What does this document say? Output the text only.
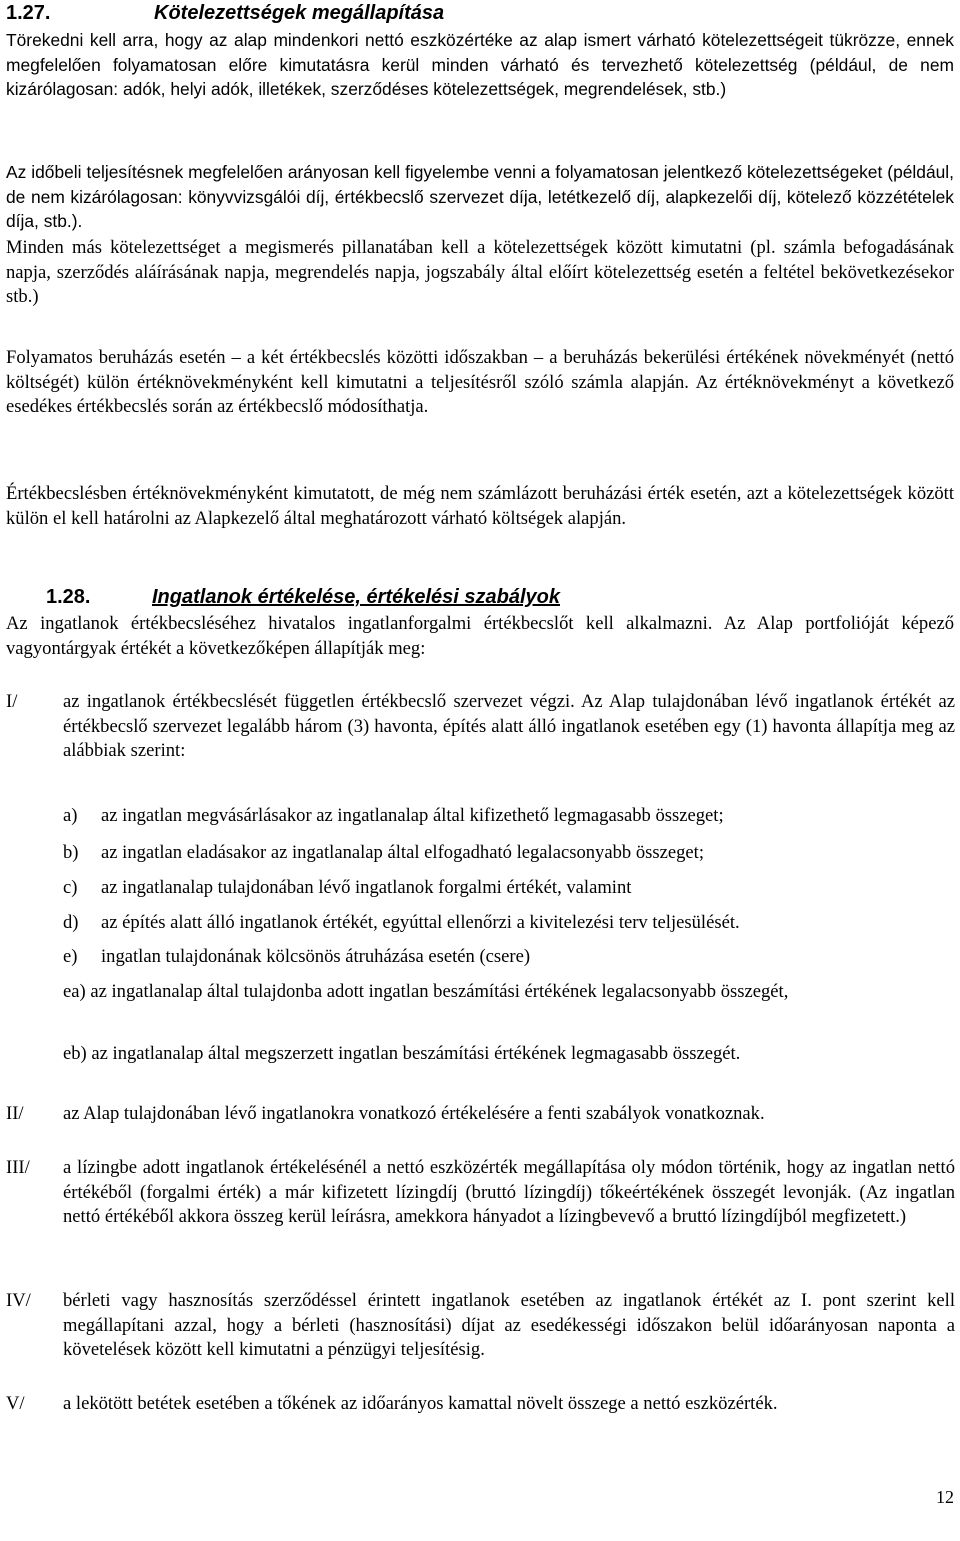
1.27.	Kötelezettségek megállapítása

Törekedni kell arra, hogy az alap mindenkori nettó eszközértéke az alap ismert várható kötelezettségeit tükrözze, ennek megfelelően folyamatosan előre kimutatásra kerül minden várható és tervezhető kötelezettség (például, de nem kizárólagosan: adók, helyi adók, illetékek, szerződéses kötelezettségek, megrendelések, stb.)

Az időbeli teljesítésnek megfelelően arányosan kell figyelembe venni a folyamatosan jelentkező kötelezettségeket (például, de nem kizárólagosan: könyvvizsgálói díj, értékbecslő szervezet díja, letétkezelő díj, alapkezelői díj, kötelező közzétételek díja, stb.).

Minden más kötelezettséget a megismerés pillanatában kell a kötelezettségek között kimutatni (pl. számla befogadásának napja, szerződés aláírásának napja, megrendelés napja, jogszabály által előírt kötelezettség esetén a feltétel bekövetkezésekor stb.)

Folyamatos beruházás esetén – a két értékbecslés közötti időszakban – a beruházás bekerülési értékének növekményét (nettó költségét) külön értéknövekményként kell kimutatni a teljesítésről szóló számla alapján. Az értéknövekményt a következő esedékes értékbecslés során az értékbecslő módosíthatja.

Értékbecslésben értéknövekményként kimutatott, de még nem számlázott beruházási érték esetén, azt a kötelezettségek között külön el kell határolni az Alapkezelő által meghatározott várható költségek alapján.

1.28.	Ingatlanok értékelése, értékelési szabályok

Az ingatlanok értékbecsléséhez hivatalos ingatlanforgalmi értékbecslőt kell alkalmazni. Az Alap portfolióját képező vagyontárgyak értékét a következőképen állapítják meg:

I/ az ingatlanok értékbecslését független értékbecslő szervezet végzi. Az Alap tulajdonában lévő ingatlanok értékét az értékbecslő szervezet legalább három (3) havonta, építés alatt álló ingatlanok esetében egy (1) havonta állapítja meg az alábbiak szerint:

a) az ingatlan megvásárlásakor az ingatlanalap által kifizethető legmagasabb összeget;
b) az ingatlan eladásakor az ingatlanalap által elfogadható legalacsonyabb összeget;
c) az ingatlanalap tulajdonában lévő ingatlanok forgalmi értékét, valamint
d) az építés alatt álló ingatlanok értékét, egyúttal ellenőrzi a kivitelezési terv teljesülését.
e) ingatlan tulajdonának kölcsönös átruházása esetén (csere)

ea) az ingatlanalap által tulajdonba adott ingatlan beszámítási értékének legalacsonyabb összegét,

eb) az ingatlanalap által megszerzett ingatlan beszámítási értékének legmagasabb összegét.
II/ az Alap tulajdonában lévő ingatlanokra vonatkozó értékelésére a fenti szabályok vonatkoznak.

III/ a lízingbe adott ingatlanok értékelésénél a nettó eszközérték megállapítása oly módon történik, hogy az ingatlan nettó értékéből (forgalmi érték) a már kifizetett lízingdíj (bruttó lízingdíj) tőkeértékének összegét levonják. (Az ingatlan nettó értékéből akkora összeg kerül leírásra, amekkora hányadot a lízingbevevő a bruttó lízingdíjból megfizetett.)

IV/ bérleti vagy hasznosítás szerződéssel érintett ingatlanok esetében az ingatlanok értékét az I. pont szerint kell megállapítani azzal, hogy a bérleti (hasznosítási) díjat az esedékességi időszakon belül időarányosan naponta a követelések között kell kimutatni a pénzügyi teljesítésig.

V/ a lekötött betétek esetében a tőkének az időarányos kamattal növelt összege a nettó eszközérték.

12
